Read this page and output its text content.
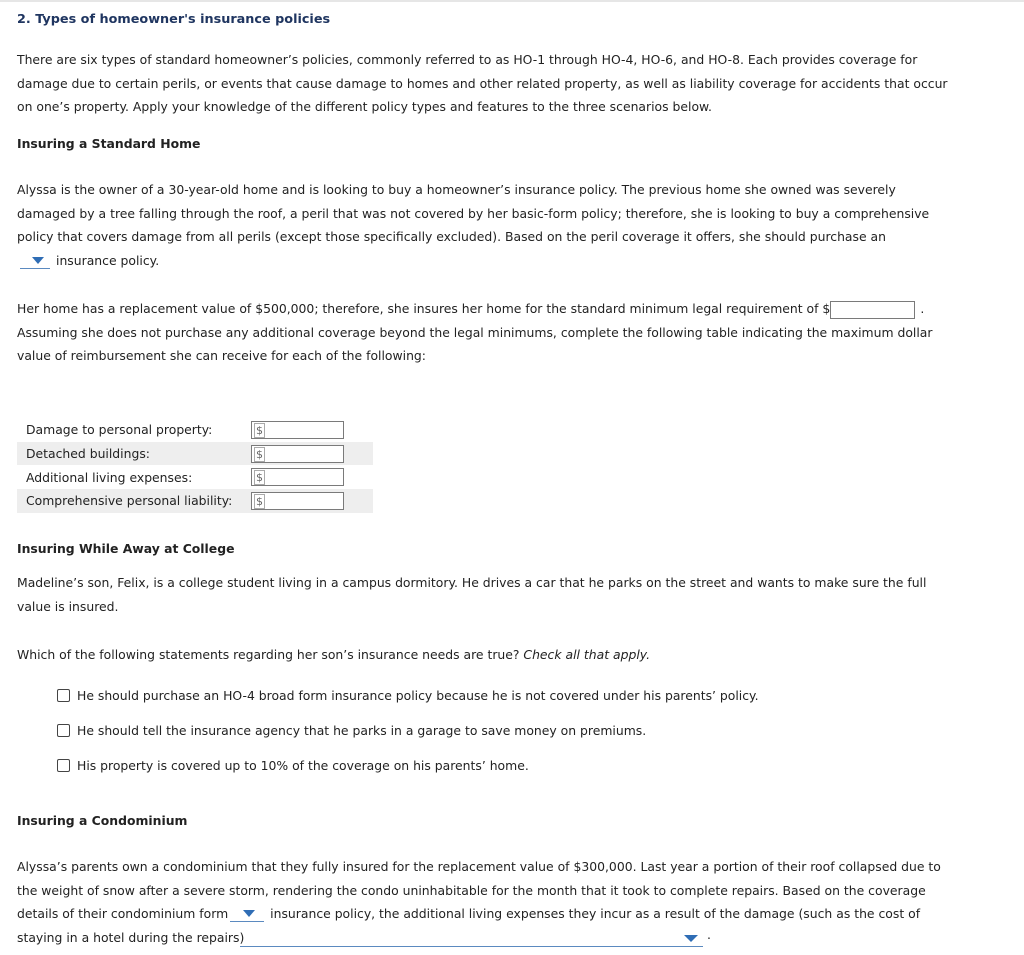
2. Types of homeowner's insurance policies
There are six types of standard homeowner’s policies, commonly referred to as HO-1 through HO-4, HO-6, and HO-8. Each provides coverage for
damage due to certain perils, or events that cause damage to homes and other related property, as well as liability coverage for accidents that occur
on one’s property. Apply your knowledge of the different policy types and features to the three scenarios below.
Insuring a Standard Home
Alyssa is the owner of a 30-year-old home and is looking to buy a homeowner’s insurance policy. The previous home she owned was severely
damaged by a tree falling through the roof, a peril that was not covered by her basic-form policy; therefore, she is looking to buy a comprehensive
policy that covers damage from all perils (except those specifically excluded). Based on the peril coverage it offers, she should purchase an
insurance policy.
Her home has a replacement value of $500,000; therefore, she insures her home for the standard minimum legal requirement of $	.
Assuming she does not purchase any additional coverage beyond the legal minimums, complete the following table indicating the maximum dollar
value of reimbursement she can receive for each of the following:
Damage to personal property:	$

Detached buildings:	$

Additional living expenses:	$

Comprehensive personal liability:	$
Insuring While Away at College
Madeline’s son, Felix, is a college student living in a campus dormitory. He drives a car that he parks on the street and wants to make sure the full
value is insured.
Which of the following statements regarding her son’s insurance needs are true? Check all that apply.
He should purchase an HO-4 broad form insurance policy because he is not covered under his parents’ policy.
He should tell the insurance agency that he parks in a garage to save money on premiums.
His property is covered up to 10% of the coverage on his parents’ home.
Insuring a Condominium
Alyssa’s parents own a condominium that they fully insured for the replacement value of $300,000. Last year a portion of their roof collapsed due to
the weight of snow after a severe storm, rendering the condo uninhabitable for the month that it took to complete repairs. Based on the coverage
details of their condominium form	insurance policy, the additional living expenses they incur as a result of the damage (such as the cost of
staying in a hotel during the repairs)	.
